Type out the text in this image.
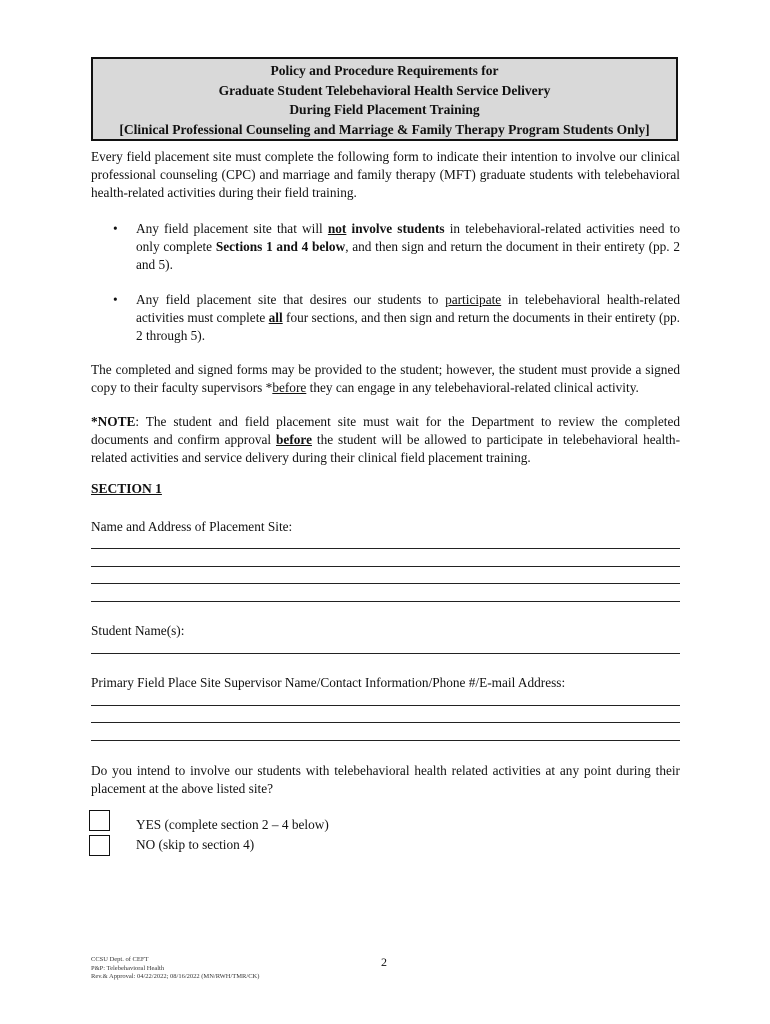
Policy and Procedure Requirements for
Graduate Student Telebehavioral Health Service Delivery
During Field Placement Training
[Clinical Professional Counseling and Marriage & Family Therapy Program Students Only]
Every field placement site must complete the following form to indicate their intention to involve our clinical professional counseling (CPC) and marriage and family therapy (MFT) graduate students with telebehavioral health-related activities during their field training.
•	Any field placement site that will not involve students in telebehavioral-related activities need to only complete Sections 1 and 4 below, and then sign and return the document in their entirety (pp. 2 and 5).
•	Any field placement site that desires our students to participate in telebehavioral health-related activities must complete all four sections, and then sign and return the documents in their entirety (pp. 2 through 5).
The completed and signed forms may be provided to the student; however, the student must provide a signed copy to their faculty supervisors *before they can engage in any telebehavioral-related clinical activity.
*NOTE: The student and field placement site must wait for the Department to review the completed documents and confirm approval before the student will be allowed to participate in telebehavioral health-related activities and service delivery during their clinical field placement training.
SECTION 1
Name and Address of Placement Site:
Student Name(s):
Primary Field Place Site Supervisor Name/Contact Information/Phone #/E-mail Address:
Do you intend to involve our students with telebehavioral health related activities at any point during their placement at the above listed site?
YES (complete section 2 – 4 below)
NO (skip to section 4)
CCSU Dept. of CEFT
P&P: Telebehavioral Health
Rev.& Approval: 04/22/2022; 08/16/2022 (MN/RWH/TMR/CK)
2
